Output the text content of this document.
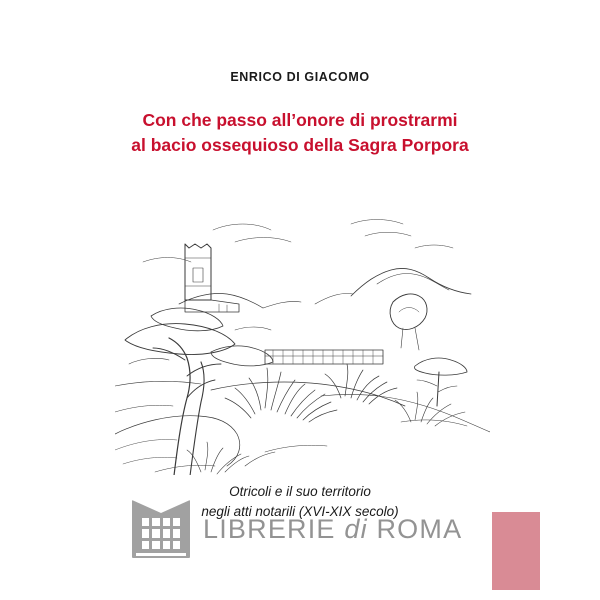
ENRICO DI GIACOMO
Con che passo all’onore di prostrarmi
al bacio ossequioso della Sagra Porpora
Otricoli e il suo territorio
negli atti notarili (XVI-XIX secolo)
LIBRERIE di ROMA
